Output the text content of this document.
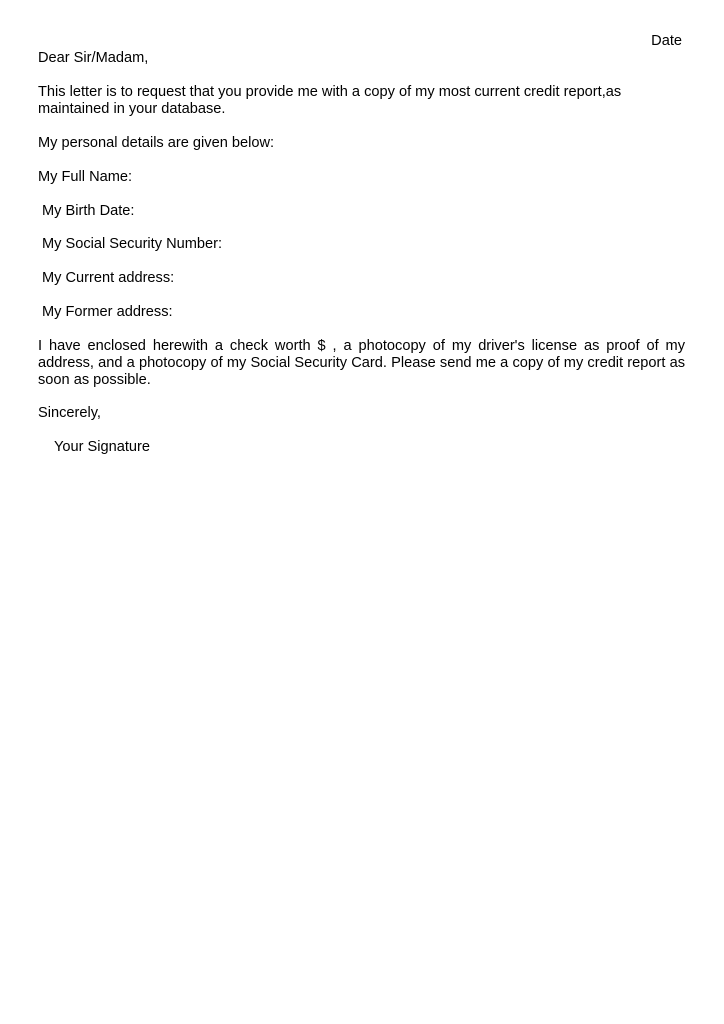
Date
Dear Sir/Madam,
This letter is to request that you provide me with a copy of my most current credit report,as
maintained in your database.
My personal details are given below:
My Full Name:
My Birth Date:
My Social Security Number:
My Current address:
My Former address:
I have enclosed herewith a check worth $ , a photocopy of my driver's license as proof of my
address, and a photocopy of my Social Security Card. Please send me a copy of my credit report as
soon as possible.
Sincerely,
Your Signature
